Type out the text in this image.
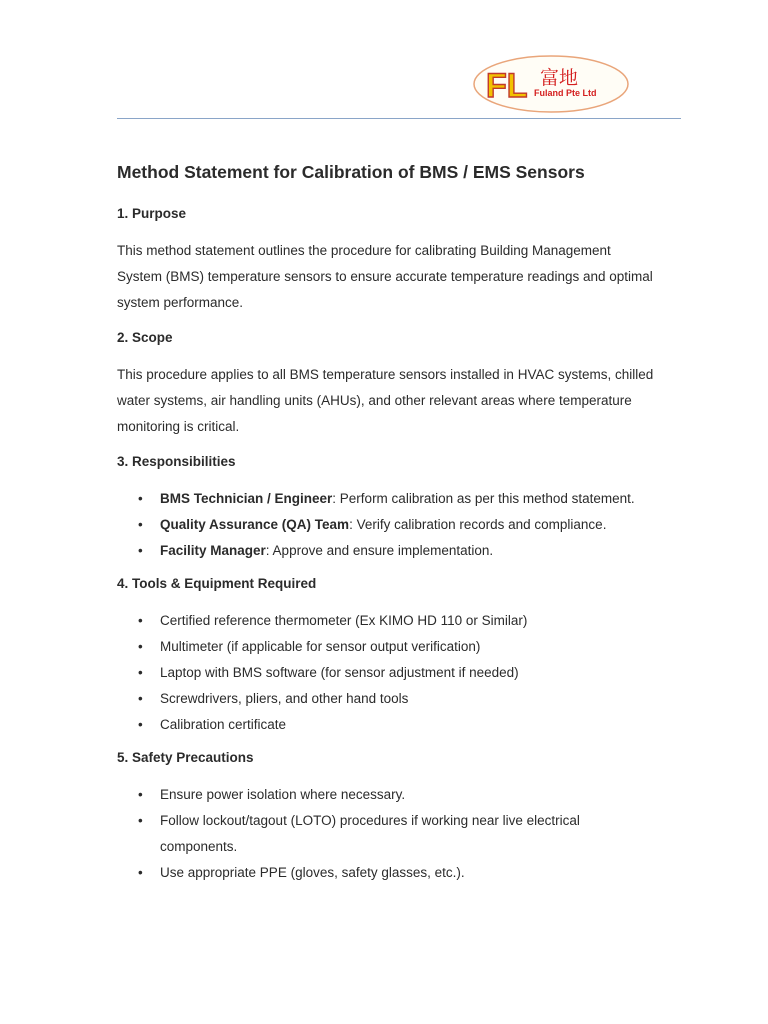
FL 富地
Fuland Pte Ltd
Method Statement for Calibration of BMS / EMS Sensors
1. Purpose

This method statement outlines the procedure for calibrating Building Management System (BMS) temperature sensors to ensure accurate temperature readings and optimal system performance.

2. Scope

This procedure applies to all BMS temperature sensors installed in HVAC systems, chilled water systems, air handling units (AHUs), and other relevant areas where temperature monitoring is critical.

3. Responsibilities
• BMS Technician / Engineer: Perform calibration as per this method statement.
• Quality Assurance (QA) Team: Verify calibration records and compliance.
• Facility Manager: Approve and ensure implementation.
4. Tools & Equipment Required
• Certified reference thermometer (Ex KIMO HD 110 or Similar)
• Multimeter (if applicable for sensor output verification)
• Laptop with BMS software (for sensor adjustment if needed)
• Screwdrivers, pliers, and other hand tools
• Calibration certificate
5. Safety Precautions
• Ensure power isolation where necessary.
• Follow lockout/tagout (LOTO) procedures if working near live electrical components.
• Use appropriate PPE (gloves, safety glasses, etc.).
